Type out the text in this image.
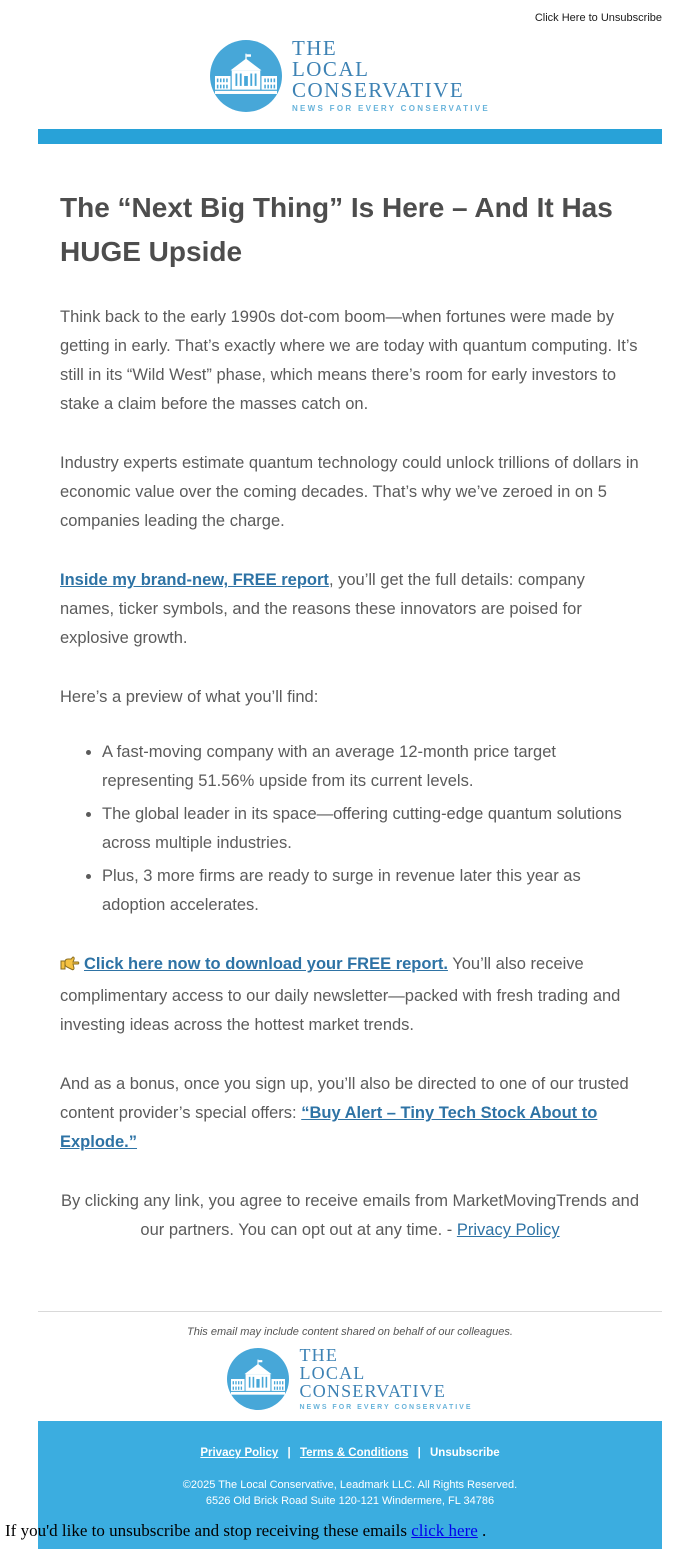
Click Here to Unsubscribe
THE
LOCAL
CONSERVATIVE
NEWS FOR EVERY CONSERVATIVE
The “Next Big Thing” Is Here – And It Has HUGE Upside

Think back to the early 1990s dot-com boom—when fortunes were made by getting in early. That’s exactly where we are today with quantum computing. It’s still in its “Wild West” phase, which means there’s room for early investors to stake a claim before the masses catch on.

Industry experts estimate quantum technology could unlock trillions of dollars in economic value over the coming decades. That’s why we’ve zeroed in on 5 companies leading the charge.

Inside my brand-new, FREE report, you’ll get the full details: company names, ticker symbols, and the reasons these innovators are poised for explosive growth.

Here’s a preview of what you’ll find:

• A fast-moving company with an average 12-month price target representing 51.56% upside from its current levels.
• The global leader in its space—offering cutting-edge quantum solutions across multiple industries.
• Plus, 3 more firms are ready to surge in revenue later this year as adoption accelerates.

Click here now to download your FREE report. You’ll also receive complimentary access to our daily newsletter—packed with fresh trading and investing ideas across the hottest market trends.

And as a bonus, once you sign up, you’ll also be directed to one of our trusted content provider’s special offers: “Buy Alert – Tiny Tech Stock About to Explode.”

By clicking any link, you agree to receive emails from MarketMovingTrends and our partners. You can opt out at any time. - Privacy Policy

This email may include content shared on behalf of our colleagues.
THE
LOCAL
CONSERVATIVE
NEWS FOR EVERY CONSERVATIVE
Privacy Policy | Terms & Conditions | Unsubscribe
©2025 The Local Conservative, Leadmark LLC. All Rights Reserved.
6526 Old Brick Road Suite 120-121 Windermere, FL 34786
If you'd like to unsubscribe and stop receiving these emails click here .
